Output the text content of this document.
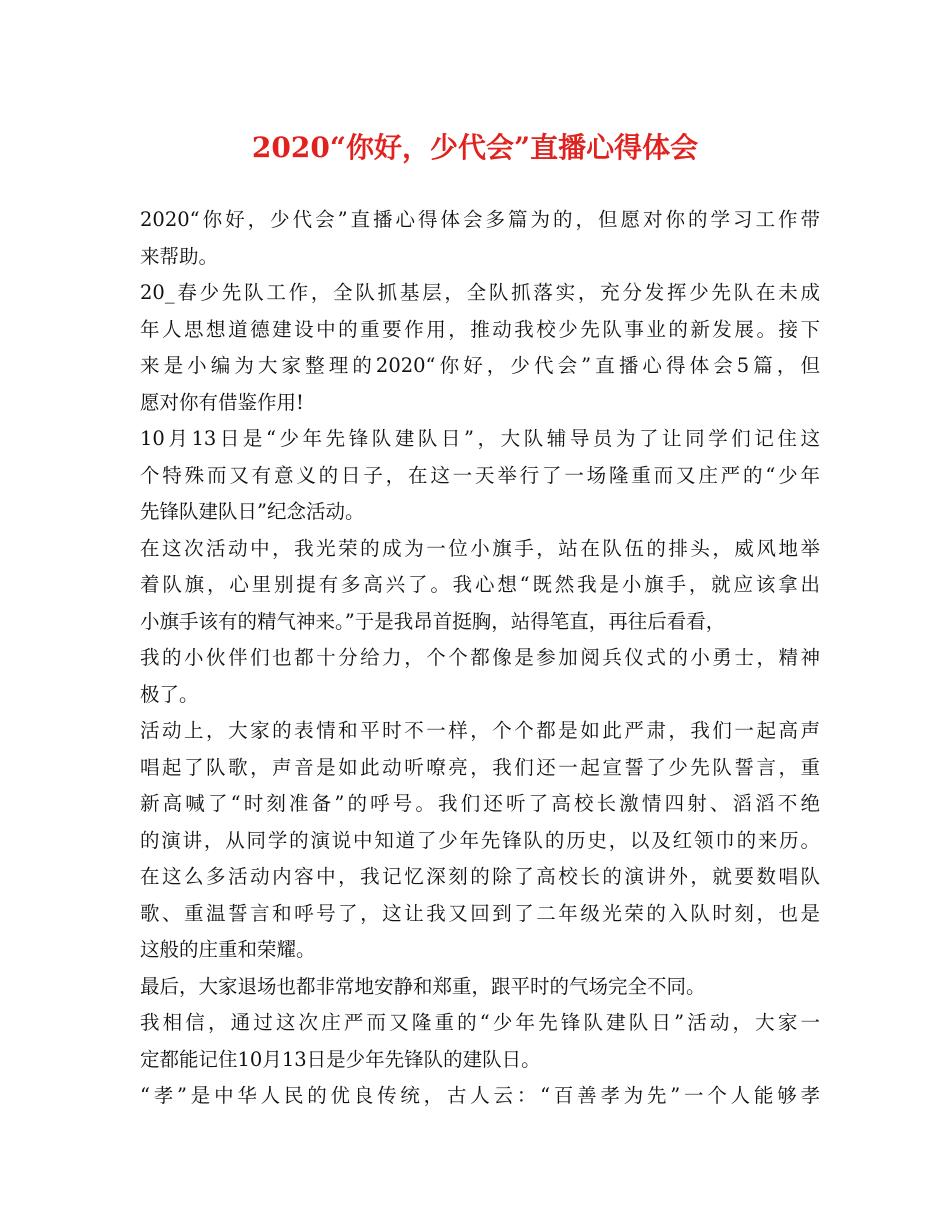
2020“你好，少代会”直播心得体会
2020“你好，少代会”直播心得体会多篇为的，但愿对你的学习工作带
来帮助。
20_春少先队工作，全队抓基层，全队抓落实，充分发挥少先队在未成
年人思想道德建设中的重要作用，推动我校少先队事业的新发展。接下
来是小编为大家整理的2020“你好，少代会”直播心得体会5篇，但
愿对你有借鉴作用!
10月13日是“少年先锋队建队日”，大队辅导员为了让同学们记住这
个特殊而又有意义的日子，在这一天举行了一场隆重而又庄严的“少年
先锋队建队日”纪念活动。
在这次活动中，我光荣的成为一位小旗手，站在队伍的排头，威风地举
着队旗，心里别提有多高兴了。我心想“既然我是小旗手，就应该拿出
小旗手该有的精气神来。”于是我昂首挺胸，站得笔直，再往后看看，
我的小伙伴们也都十分给力，个个都像是参加阅兵仪式的小勇士，精神
极了。
活动上，大家的表情和平时不一样，个个都是如此严肃，我们一起高声
唱起了队歌，声音是如此动听嘹亮，我们还一起宣誓了少先队誓言，重
新高喊了“时刻准备”的呼号。我们还听了高校长激情四射、滔滔不绝
的演讲，从同学的演说中知道了少年先锋队的历史，以及红领巾的来历。
在这么多活动内容中，我记忆深刻的除了高校长的演讲外，就要数唱队
歌、重温誓言和呼号了，这让我又回到了二年级光荣的入队时刻，也是
这般的庄重和荣耀。
最后，大家退场也都非常地安静和郑重，跟平时的气场完全不同。
我相信，通过这次庄严而又隆重的“少年先锋队建队日”活动，大家一
定都能记住10月13日是少年先锋队的建队日。
“孝”是中华人民的优良传统，古人云：“百善孝为先”一个人能够孝
